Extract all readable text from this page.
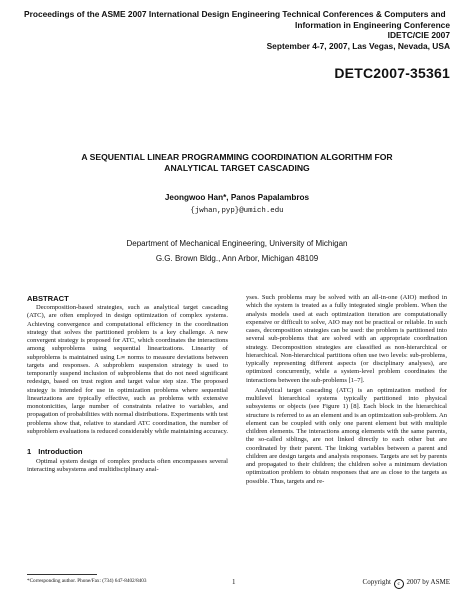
Proceedings of the ASME 2007 International Design Engineering Technical Conferences & Computers and
Information in Engineering Conference
IDETC/CIE 2007
September 4-7, 2007, Las Vegas, Nevada, USA
DETC2007-35361
A SEQUENTIAL LINEAR PROGRAMMING COORDINATION ALGORITHM FOR
ANALYTICAL TARGET CASCADING
Jeongwoo Han*, Panos Papalambros
{jwhan,pyp}@umich.edu
Department of Mechanical Engineering, University of Michigan
G.G. Brown Bldg., Ann Arbor, Michigan 48109
ABSTRACT

Decomposition-based strategies, such as analytical target cascading (ATC), are often employed in design optimization of complex systems. Achieving convergence and computational efficiency in the coordination strategy that solves the partitioned problem is a key challenge. A new convergent strategy is proposed for ATC, which coordinates the interactions among subproblems using sequential linearizations. Linearity of subproblems is maintained using L∞ norms to measure deviations between targets and responses. A subproblem suspension strategy is used to temporarily suspend inclusion of subproblems that do not need significant redesign, based on trust region and target value step size. The proposed strategy is intended for use in optimization problems where sequential linearizations are typically effective, such as problems with extensive monotonicities, large number of constraints relative to variables, and propagation of probabilities with normal distributions. Experiments with test problems show that, relative to standard ATC coordination, the number of subproblem evaluations is reduced considerably while maintaining accuracy.

1 Introduction

Optimal system design of complex products often encompasses several interacting subsystems and multidisciplinary anal-

yses. Such problems may be solved with an all-in-one (AIO) method in which the system is treated as a fully integrated single problem. When the analysis models used at each optimization iteration are computationally expensive or difficult to solve, AIO may not be practical or reliable. In such cases, decomposition strategies can be used: the problem is partitioned into several sub-problems that are solved with an appropriate coordination strategy. Decomposition strategies are classified as non-hierarchical or hierarchical. Non-hierarchical partitions often use two levels: sub-problems, typically representing different aspects (or disciplinary analyses), are optimized concurrently, while a system-level problem coordinates the interactions between the sub-problems [1–7].

Analytical target cascading (ATC) is an optimization method for multilevel hierarchical systems typically partitioned into physical subsystems or objects (see Figure 1) [8]. Each block in the hierarchical structure is referred to as an element and is an optimization sub-problem. An element can be coupled with only one parent element but with multiple children elements. The interactions among elements with the same parents, the so-called siblings, are not linked directly to each other but are coordinated by their parent. The linking variables between a parent and children are design targets and analysis responses. Targets are set by parents and propagated to their children; the children solve a minimum deviation optimization problem to obtain responses that are as close to the targets as possible. Thus, targets and re-

*Corresponding author. Phone/Fax: (734) 647-8402/8403	1	Copyright c 2007 by ASME
